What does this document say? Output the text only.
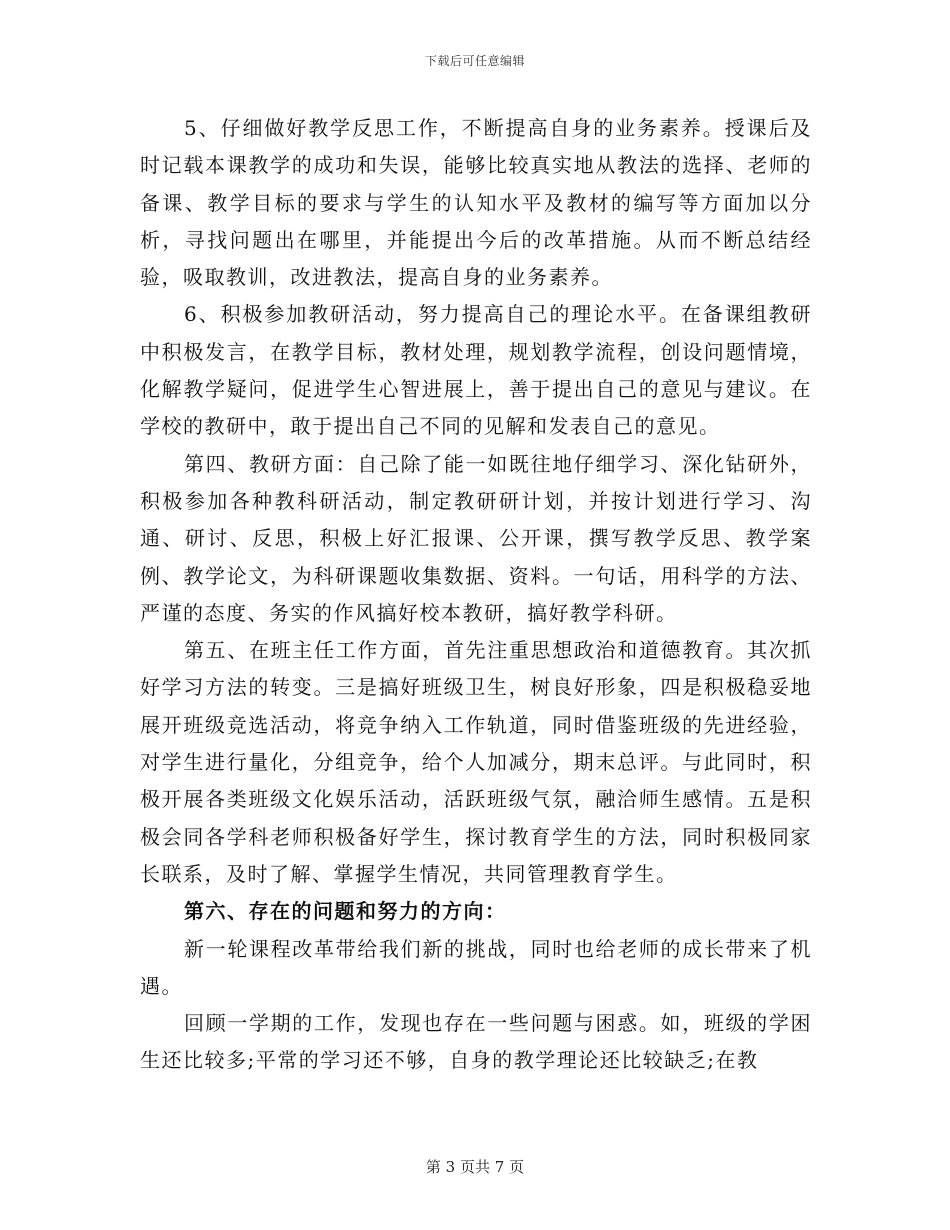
下载后可任意编辑

5、仔细做好教学反思工作，不断提高自身的业务素养。授课后及时记载本课教学的成功和失误，能够比较真实地从教法的选择、老师的备课、教学目标的要求与学生的认知水平及教材的编写等方面加以分析，寻找问题出在哪里，并能提出今后的改革措施。从而不断总结经验，吸取教训，改进教法，提高自身的业务素养。

6、积极参加教研活动，努力提高自己的理论水平。在备课组教研中积极发言，在教学目标，教材处理，规划教学流程，创设问题情境，化解教学疑问，促进学生心智进展上，善于提出自己的意见与建议。在学校的教研中，敢于提出自己不同的见解和发表自己的意见。

第四、教研方面：自己除了能一如既往地仔细学习、深化钻研外，积极参加各种教科研活动，制定教研研计划，并按计划进行学习、沟通、研讨、反思，积极上好汇报课、公开课，撰写教学反思、教学案例、教学论文，为科研课题收集数据、资料。一句话，用科学的方法、严谨的态度、务实的作风搞好校本教研，搞好教学科研。

第五、在班主任工作方面，首先注重思想政治和道德教育。其次抓好学习方法的转变。三是搞好班级卫生，树良好形象，四是积极稳妥地展开班级竞选活动，将竞争纳入工作轨道，同时借鉴班级的先进经验，对学生进行量化，分组竞争，给个人加减分，期末总评。与此同时，积极开展各类班级文化娱乐活动，活跃班级气氛，融洽师生感情。五是积极会同各学科老师积极备好学生，探讨教育学生的方法，同时积极同家长联系，及时了解、掌握学生情况，共同管理教育学生。

第六、存在的问题和努力的方向：

新一轮课程改革带给我们新的挑战，同时也给老师的成长带来了机遇。

回顾一学期的工作，发现也存在一些问题与困惑。如，班级的学困生还比较多;平常的学习还不够，自身的教学理论还比较缺乏;在教

第 3 页共 7 页
